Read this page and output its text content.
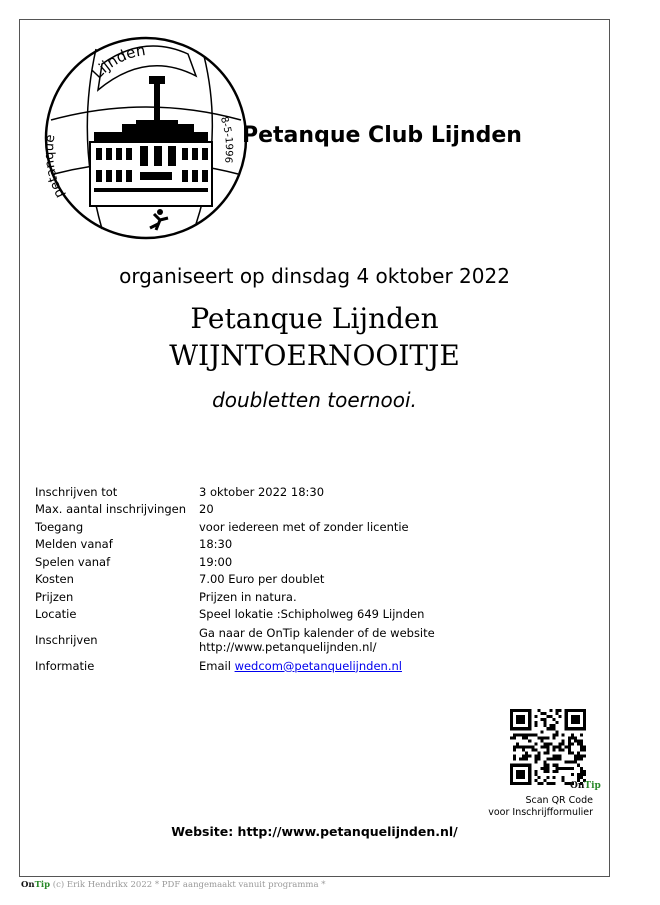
Lijnden
petanque
8-5-1996
Petanque Club Lijnden
organiseert op dinsdag 4 oktober 2022
Petanque Lijnden
WIJNTOERNOOITJE
doubletten toernooi.
Inschrijven tot	3 oktober 2022 18:30
Max. aantal inschrijvingen	20
Toegang	voor iedereen met of zonder licentie
Melden vanaf	18:30
Spelen vanaf	19:00
Kosten	7.00 Euro per doublet
Prijzen	Prijzen in natura.
Locatie	Speel lokatie :Schipholweg 649 Lijnden
Inschrijven	Ga naar de OnTip kalender of de website
http://www.petanquelijnden.nl/

Informatie	Email wedcom@petanquelijnden.nl
OnTip
Scan QR Code
voor Inschrijfformulier
Website: http://www.petanquelijnden.nl/
OnTip (c) Erik Hendrikx 2022 * PDF aangemaakt vanuit programma *
